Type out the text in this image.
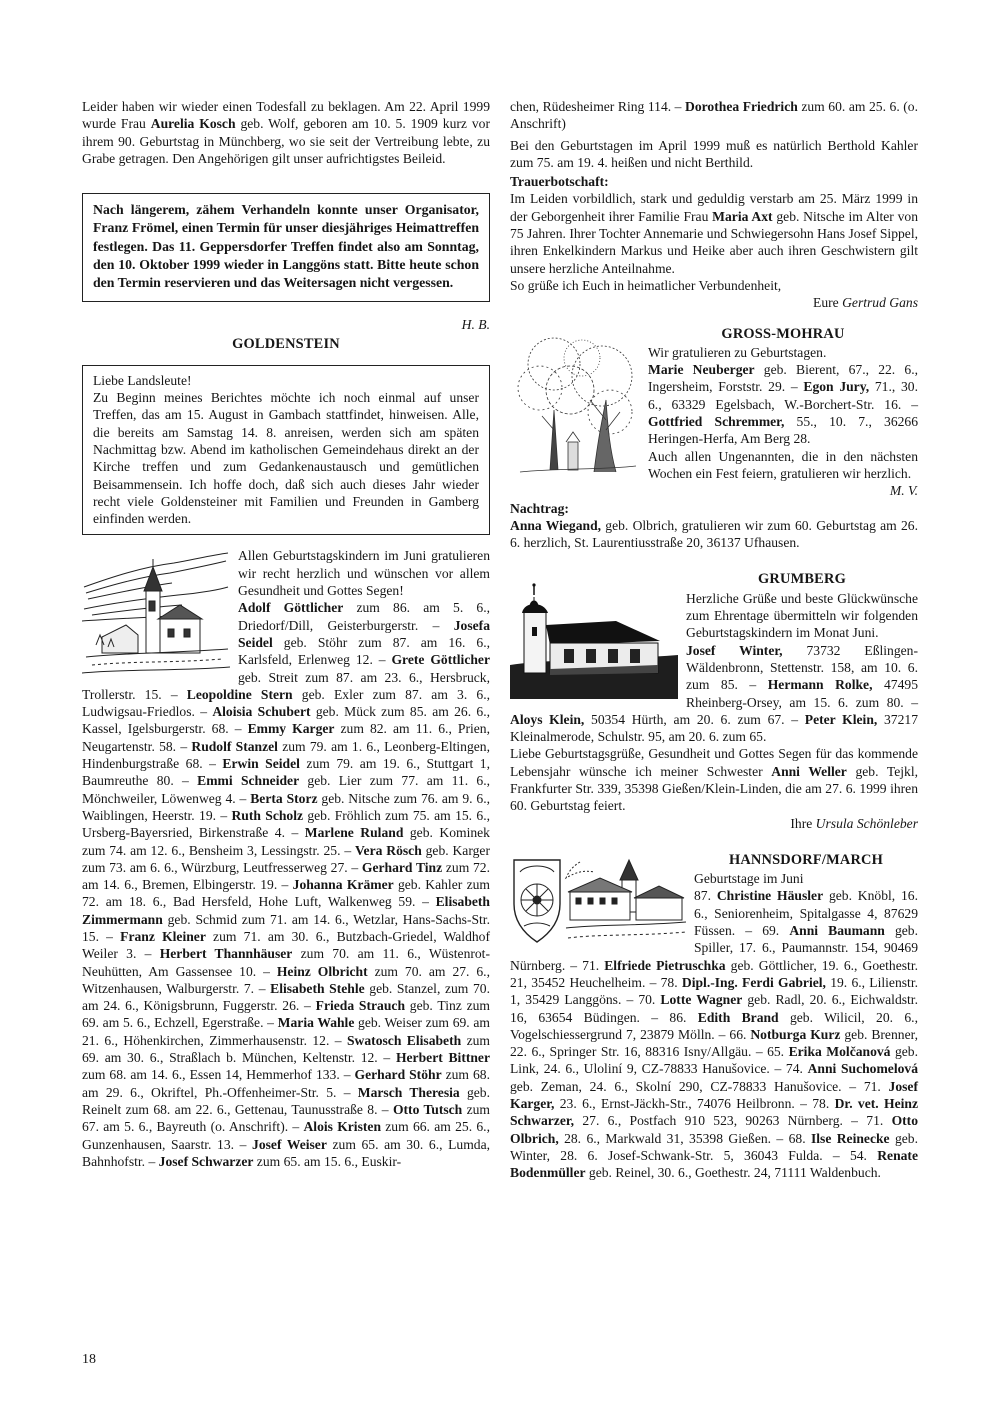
Leider haben wir wieder einen Todesfall zu beklagen. Am 22. April 1999 wurde Frau Aurelia Kosch geb. Wolf, geboren am 10. 5. 1909 kurz vor ihrem 90. Geburtstag in Münchberg, wo sie seit der Vertreibung lebte, zu Grabe getragen. Den Angehörigen gilt unser aufrichtigstes Beileid.

Nach längerem, zähem Verhandeln konnte unser Organisator, Franz Frömel, einen Termin für unser diesjähriges Heimattreffen festlegen. Das 11. Geppersdorfer Treffen findet also am Sonntag, den 10. Oktober 1999 wieder in Langgöns statt. Bitte heute schon den Termin reservieren und das Weitersagen nicht vergessen.

H. B.

GOLDENSTEIN

Liebe Landsleute!

Zu Beginn meines Berichtes möchte ich noch einmal auf unser Treffen, das am 15. August in Gambach stattfindet, hinweisen. Alle, die bereits am Samstag 14. 8. anreisen, werden sich am späten Nachmittag bzw. Abend im katholischen Gemeindehaus direkt an der Kirche treffen und zum Gedankenaustausch und gemütlichen Beisammensein. Ich hoffe doch, daß sich auch dieses Jahr wieder recht viele Goldensteiner mit Familien und Freunden in Gamberg einfinden werden.

Allen Geburtstagskindern im Juni gratulieren wir recht herzlich und wünschen vor allem Gesundheit und Gottes Segen!

Adolf Göttlicher zum 86. am 5. 6., Driedorf/Dill, Geisterburgerstr. – Josefa Seidel geb. Stöhr zum 87. am 16. 6., Karlsfeld, Erlenweg 12. – Grete Göttlicher geb. Streit zum 87. am 23. 6., Hersbruck, Trollerstr. 15. – Leopoldine Stern geb. Exler zum 87. am 3. 6., Ludwigsau-Friedlos. – Aloisia Schubert geb. Mück zum 85. am 26. 6., Kassel, Igelsburgerstr. 68. – Emmy Karger zum 82. am 11. 6., Prien, Neugartenstr. 58. – Rudolf Stanzel zum 79. am 1. 6., Leonberg-Eltingen, Hindenburgstraße 68. – Erwin Seidel zum 79. am 19. 6., Stuttgart 1, Baumreuthe 80. – Emmi Schneider geb. Lier zum 77. am 11. 6., Mönchweiler, Löwenweg 4. – Berta Storz geb. Nitsche zum 76. am 9. 6., Waiblingen, Heerstr. 19. – Ruth Scholz geb. Fröhlich zum 75. am 15. 6., Ursberg-Bayersried, Birkenstraße 4. – Marlene Ruland geb. Kominek zum 74. am 12. 6., Bensheim 3, Lessingstr. 25. – Vera Rösch geb. Karger zum 73. am 6. 6., Würzburg, Leutfresserweg 27. – Gerhard Tinz zum 72. am 14. 6., Bremen, Elbingerstr. 19. – Johanna Krämer geb. Kahler zum 72. am 18. 6., Bad Hersfeld, Hohe Luft, Walkenweg 59. – Elisabeth Zimmermann geb. Schmid zum 71. am 14. 6., Wetzlar, Hans-Sachs-Str. 15. – Franz Kleiner zum 71. am 30. 6., Butzbach-Griedel, Waldhof Weiler 3. – Herbert Thannhäuser zum 70. am 11. 6., Wüstenrot-Neuhütten, Am Gassensee 10. – Heinz Olbricht zum 70. am 27. 6., Witzenhausen, Walburgerstr. 7. – Elisabeth Stehle geb. Stanzel, zum 70. am 24. 6., Königsbrunn, Fuggerstr. 26. – Frieda Strauch geb. Tinz zum 69. am 5. 6., Echzell, Egerstraße. – Maria Wahle geb. Weiser zum 69. am 21. 6., Höhenkirchen, Zimmerhausenstr. 12. – Swatosch Elisabeth zum 69. am 30. 6., Straßlach b. München, Keltenstr. 12. – Herbert Bittner zum 68. am 14. 6., Essen 14, Hemmerhof 133. – Gerhard Stöhr zum 68. am 29. 6., Okriftel, Ph.-Offenheimer-Str. 5. – Marsch Theresia geb. Reinelt zum 68. am 22. 6., Gettenau, Taunusstraße 8. – Otto Tutsch zum 67. am 5. 6., Bayreuth (o. Anschrift). – Alois Kristen zum 66. am 25. 6., Gunzenhausen, Saarstr. 13. – Josef Weiser zum 65. am 30. 6., Lumda, Bahnhofstr. – Josef Schwarzer zum 65. am 15. 6., Euskir-

chen, Rüdesheimer Ring 114. – Dorothea Friedrich zum 60. am 25. 6. (o. Anschrift)

Bei den Geburtstagen im April 1999 muß es natürlich Berthold Kahler zum 75. am 19. 4. heißen und nicht Berthild.

Trauerbotschaft:

Im Leiden vorbildlich, stark und geduldig verstarb am 25. März 1999 in der Geborgenheit ihrer Familie Frau Maria Axt geb. Nitsche im Alter von 75 Jahren. Ihrer Tochter Annemarie und Schwiegersohn Hans Josef Sippel, ihren Enkelkindern Markus und Heike aber auch ihren Geschwistern gilt unsere herzliche Anteilnahme.

So grüße ich Euch in heimatlicher Verbundenheit,

Eure Gertrud Gans

GROSS-MOHRAU

Wir gratulieren zu Geburtstagen.

Marie Neuberger geb. Bierent, 67., 22. 6., Ingersheim, Forststr. 29. – Egon Jury, 71., 30. 6., 63329 Egelsbach, W.-Borchert-Str. 16. – Gottfried Schremmer, 55., 10. 7., 36266 Heringen-Herfa, Am Berg 28.

Auch allen Ungenannten, die in den nächsten Wochen ein Fest feiern, gratulieren wir herzlich.
M. V.

Nachtrag:

Anna Wiegand, geb. Olbrich, gratulieren wir zum 60. Geburtstag am 26. 6. herzlich, St. Laurentiusstraße 20, 36137 Ufhausen.

GRUMBERG

Herzliche Grüße und beste Glückwünsche zum Ehrentage übermitteln wir folgenden Geburtstagskindern im Monat Juni.

Josef Winter, 73732 Eßlingen-Wäldenbronn, Stettenstr. 158, am 10. 6. zum 85. – Hermann Rolke, 47495 Rheinberg-Orsey, am 15. 6. zum 80. – Aloys Klein, 50354 Hürth, am 20. 6. zum 67. – Peter Klein, 37217 Kleinalmerode, Schulstr. 95, am 20. 6. zum 65.

Liebe Geburtstagsgrüße, Gesundheit und Gottes Segen für das kommende Lebensjahr wünsche ich meiner Schwester Anni Weller geb. Tejkl, Frankfurter Str. 339, 35398 Gießen/Klein-Linden, die am 27. 6. 1999 ihren 60. Geburtstag feiert.

Ihre Ursula Schönleber

HANNSDORF/MARCH

Geburtstage im Juni

87. Christine Häusler geb. Knöbl, 16. 6., Seniorenheim, Spitalgasse 4, 87629 Füssen. – 69. Anni Baumann geb. Spiller, 17. 6., Paumannstr. 154, 90469 Nürnberg. – 71. Elfriede Pietruschka geb. Göttlicher, 19. 6., Goethestr. 21, 35452 Heuchelheim. – 78. Dipl.-Ing. Ferdi Gabriel, 19. 6., Lilienstr. 1, 35429 Langgöns. – 70. Lotte Wagner geb. Radl, 20. 6., Eichwaldstr. 16, 63654 Büdingen. – 86. Edith Brand geb. Wilicil, 20. 6., Vogelschiessergrund 7, 23879 Mölln. – 66. Notburga Kurz geb. Brenner, 22. 6., Springer Str. 16, 88316 Isny/Allgäu. – 65. Erika Molčanová geb. Link, 24. 6., Uloliní 9, CZ-78833 Hanušovice. – 74. Anni Suchomelová geb. Zeman, 24. 6., Skolní 290, CZ-78833 Hanušovice. – 71. Josef Karger, 23. 6., Ernst-Jäckh-Str., 74076 Heilbronn. – 78. Dr. vet. Heinz Schwarzer, 27. 6., Postfach 910 523, 90263 Nürnberg. – 71. Otto Olbrich, 28. 6., Markwald 31, 35398 Gießen. – 68. Ilse Reinecke geb. Winter, 28. 6. Josef-Schwank-Str. 5, 36043 Fulda. – 54. Renate Bodenmüller geb. Reinel, 30. 6., Goethestr. 24, 71111 Waldenbuch.

18
